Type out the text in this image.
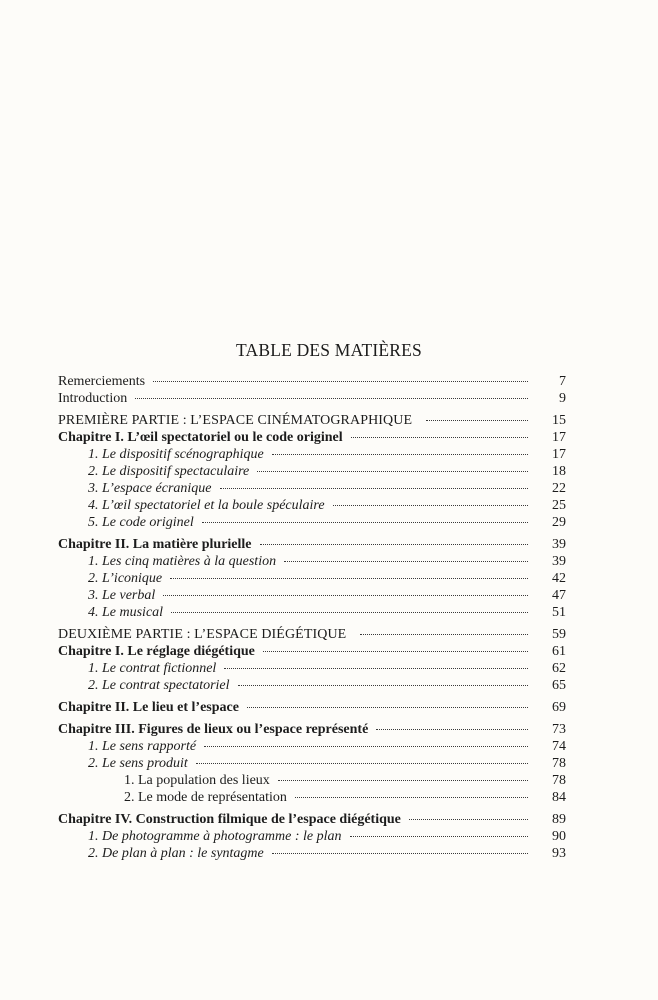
TABLE DES MATIÈRES
Remerciements	7
Introduction	9
PREMIÈRE PARTIE : L’ESPACE CINÉMATOGRAPHIQUE	15
Chapitre I. L’œil spectatoriel ou le code originel	17
1. Le dispositif scénographique	17
2. Le dispositif spectaculaire	18
3. L’espace écranique	22
4. L’œil spectatoriel et la boule spéculaire	25
5. Le code originel	29
Chapitre II. La matière plurielle	39
1. Les cinq matières à la question	39
2. L’iconique	42
3. Le verbal	47
4. Le musical	51
DEUXIÈME PARTIE : L’ESPACE DIÉGÉTIQUE	59
Chapitre I. Le réglage diégétique	61
1. Le contrat fictionnel	62
2. Le contrat spectatoriel	65
Chapitre II. Le lieu et l’espace	69
Chapitre III. Figures de lieux ou l’espace représenté	73
1. Le sens rapporté	74
2. Le sens produit	78
1. La population des lieux	78
2. Le mode de représentation	84
Chapitre IV. Construction filmique de l’espace diégétique	89
1. De photogramme à photogramme : le plan	90
2. De plan à plan : le syntagme	93
